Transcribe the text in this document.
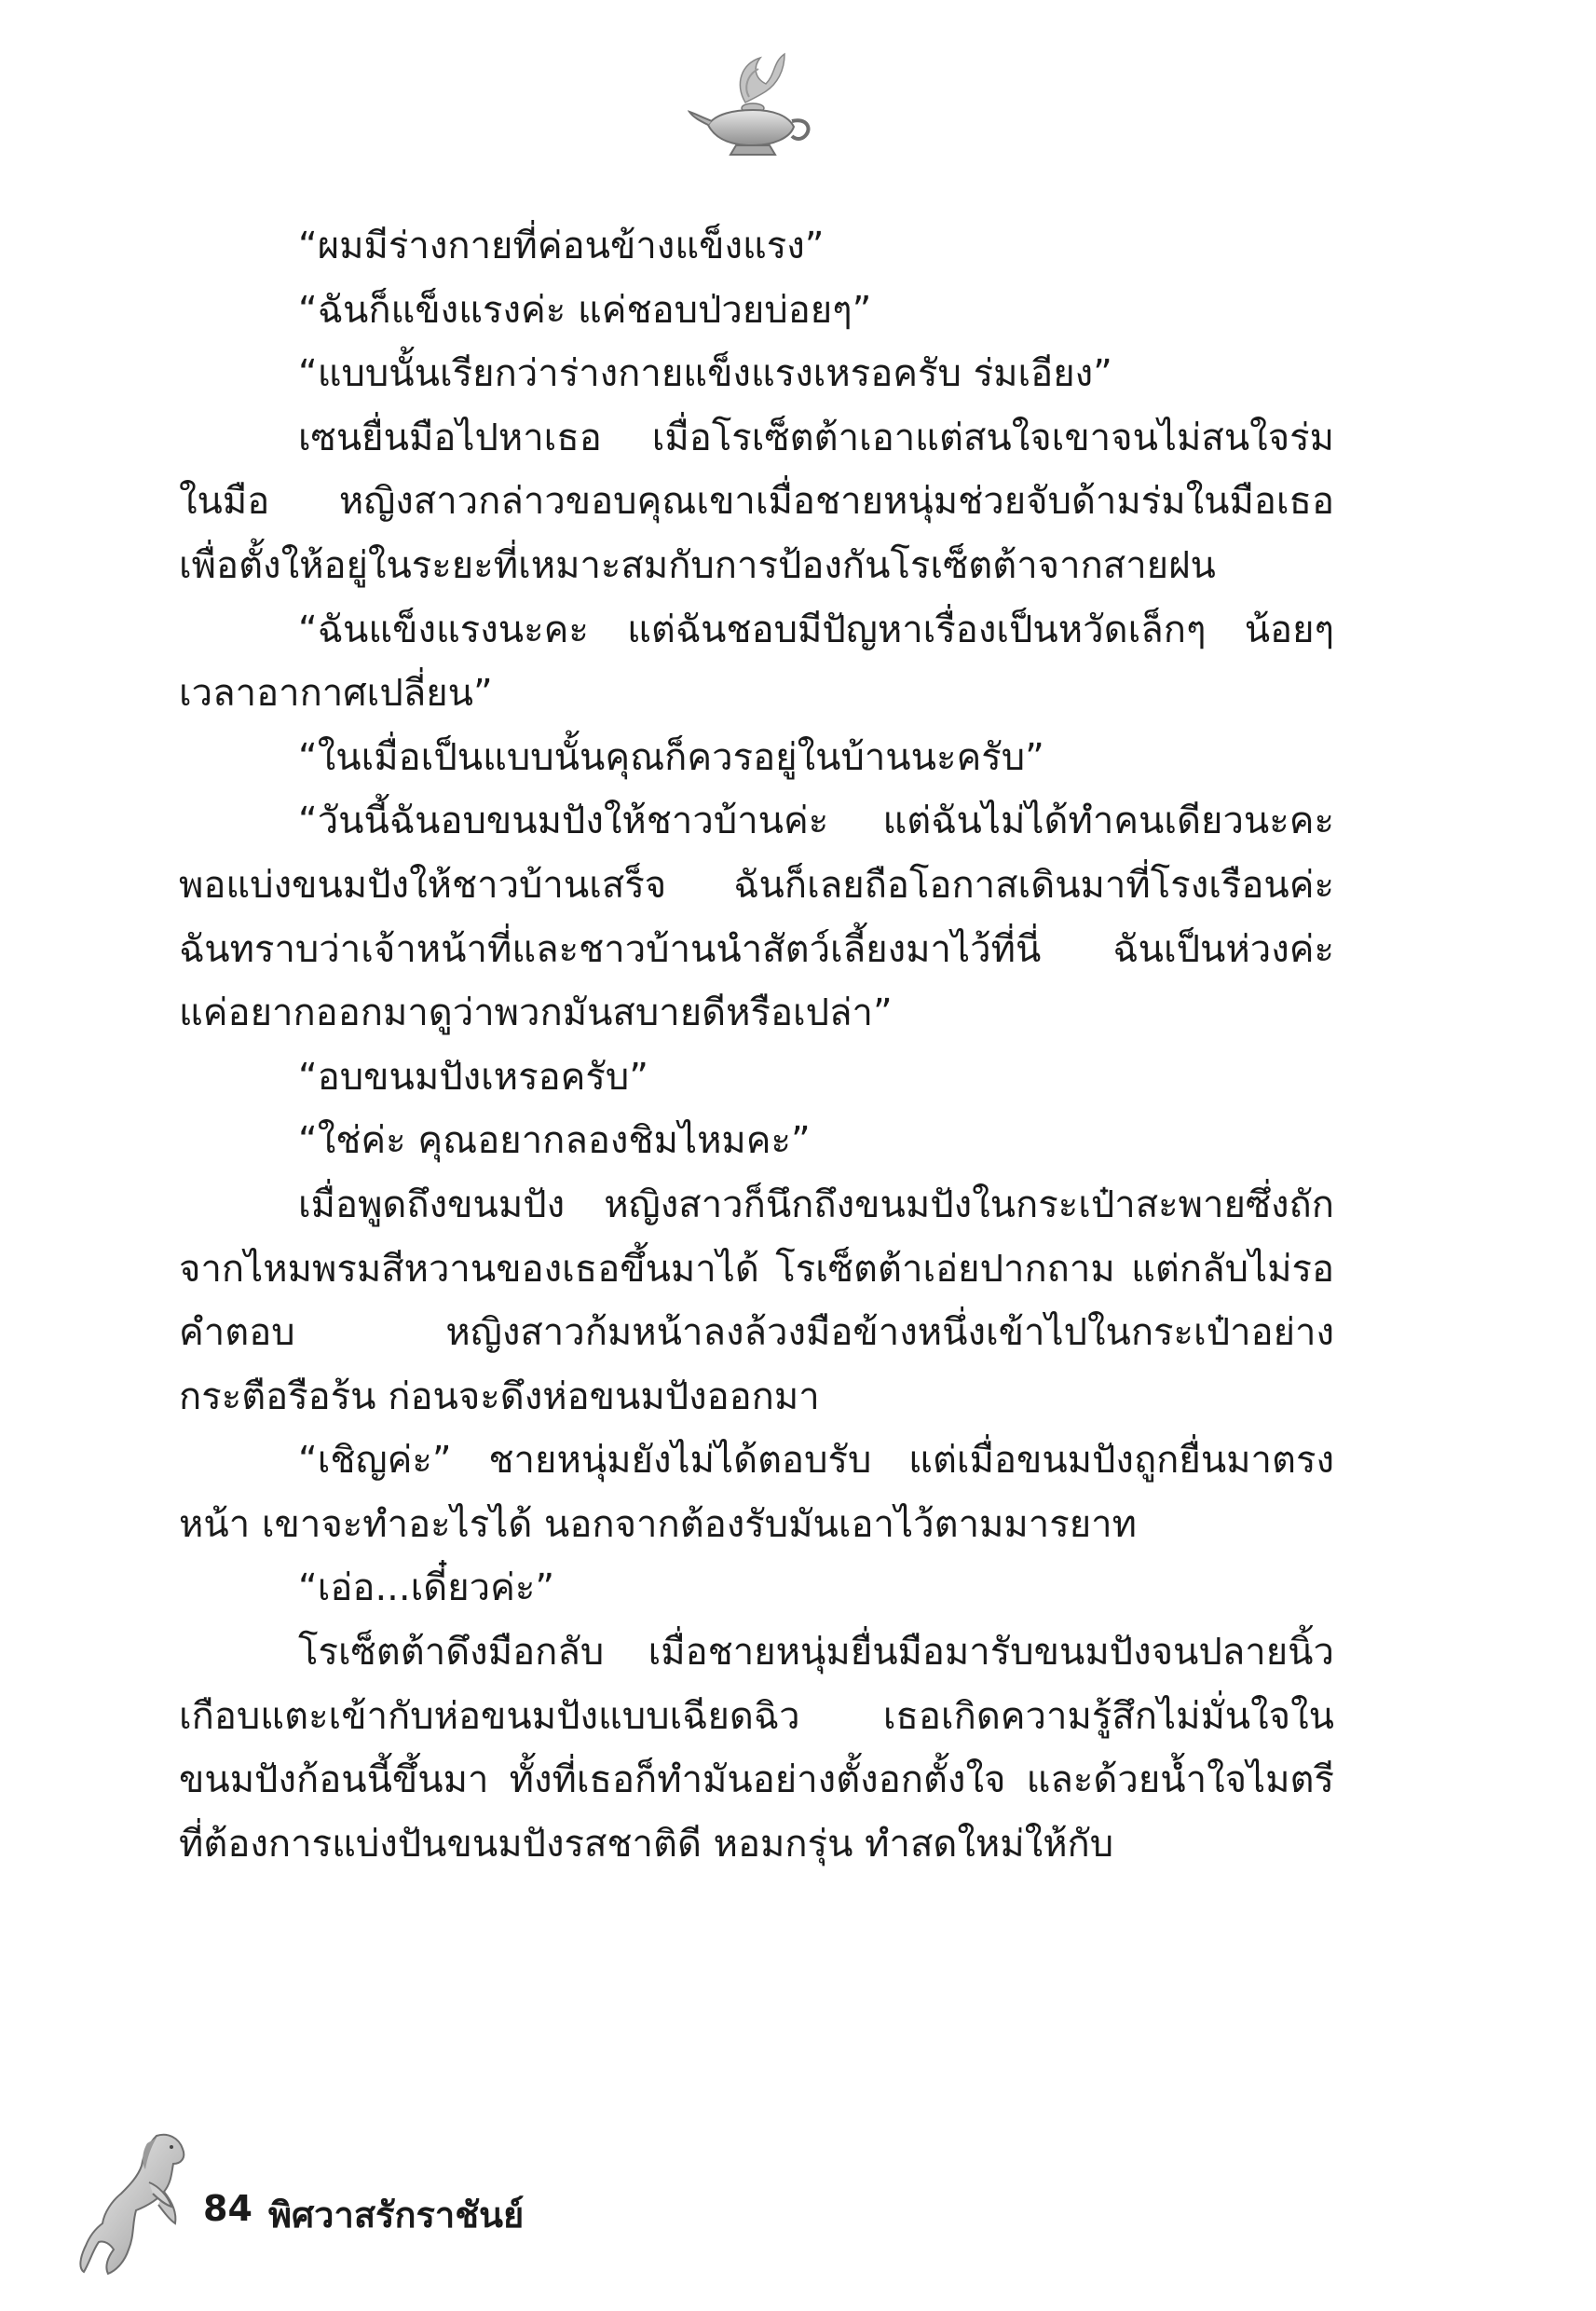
“ผมมีร่างกายที่ค่อนข้างแข็งแรง”

“ฉันก็แข็งแรงค่ะ แค่ชอบป่วยบ่อยๆ”

“แบบนั้นเรียกว่าร่างกายแข็งแรงเหรอครับ ร่มเอียง”

เซนยื่นมือไปหาเธอ เมื่อโรเซ็ตต้าเอาแต่สนใจเขาจนไม่สนใจร่มในมือ หญิงสาวกล่าวขอบคุณเขาเมื่อชายหนุ่มช่วยจับด้ามร่มในมือเธอเพื่อตั้งให้อยู่ในระยะที่เหมาะสมกับการป้องกันโรเซ็ตต้าจากสายฝน

“ฉันแข็งแรงนะคะ แต่ฉันชอบมีปัญหาเรื่องเป็นหวัดเล็กๆ น้อยๆ เวลาอากาศเปลี่ยน”

“ในเมื่อเป็นแบบนั้นคุณก็ควรอยู่ในบ้านนะครับ”

“วันนี้ฉันอบขนมปังให้ชาวบ้านค่ะ แต่ฉันไม่ได้ทำคนเดียวนะคะ พอแบ่งขนมปังให้ชาวบ้านเสร็จ ฉันก็เลยถือโอกาสเดินมาที่โรงเรือนค่ะ ฉันทราบว่าเจ้าหน้าที่และชาวบ้านนำสัตว์เลี้ยงมาไว้ที่นี่ ฉันเป็นห่วงค่ะ แค่อยากออกมาดูว่าพวกมันสบายดีหรือเปล่า”

“อบขนมปังเหรอครับ”

“ใช่ค่ะ คุณอยากลองชิมไหมคะ”

เมื่อพูดถึงขนมปัง หญิงสาวก็นึกถึงขนมปังในกระเป๋าสะพายซึ่งถักจากไหมพรมสีหวานของเธอขึ้นมาได้ โรเซ็ตต้าเอ่ยปากถาม แต่กลับไม่รอคำตอบ หญิงสาวก้มหน้าลงล้วงมือข้างหนึ่งเข้าไปในกระเป๋าอย่างกระตือรือร้น ก่อนจะดึงห่อขนมปังออกมา

“เชิญค่ะ” ชายหนุ่มยังไม่ได้ตอบรับ แต่เมื่อขนมปังถูกยื่นมาตรงหน้า เขาจะทำอะไรได้ นอกจากต้องรับมันเอาไว้ตามมารยาท

“เอ่อ...เดี๋ยวค่ะ”

โรเซ็ตต้าดึงมือกลับ เมื่อชายหนุ่มยื่นมือมารับขนมปังจนปลายนิ้วเกือบแตะเข้ากับห่อขนมปังแบบเฉียดฉิว เธอเกิดความรู้สึกไม่มั่นใจในขนมปังก้อนนี้ขึ้นมา ทั้งที่เธอก็ทำมันอย่างตั้งอกตั้งใจ และด้วยน้ำใจไมตรีที่ต้องการแบ่งปันขนมปังรสชาติดี หอมกรุ่น ทำสดใหม่ให้กับ

84 พิศวาสรักราชันย์
